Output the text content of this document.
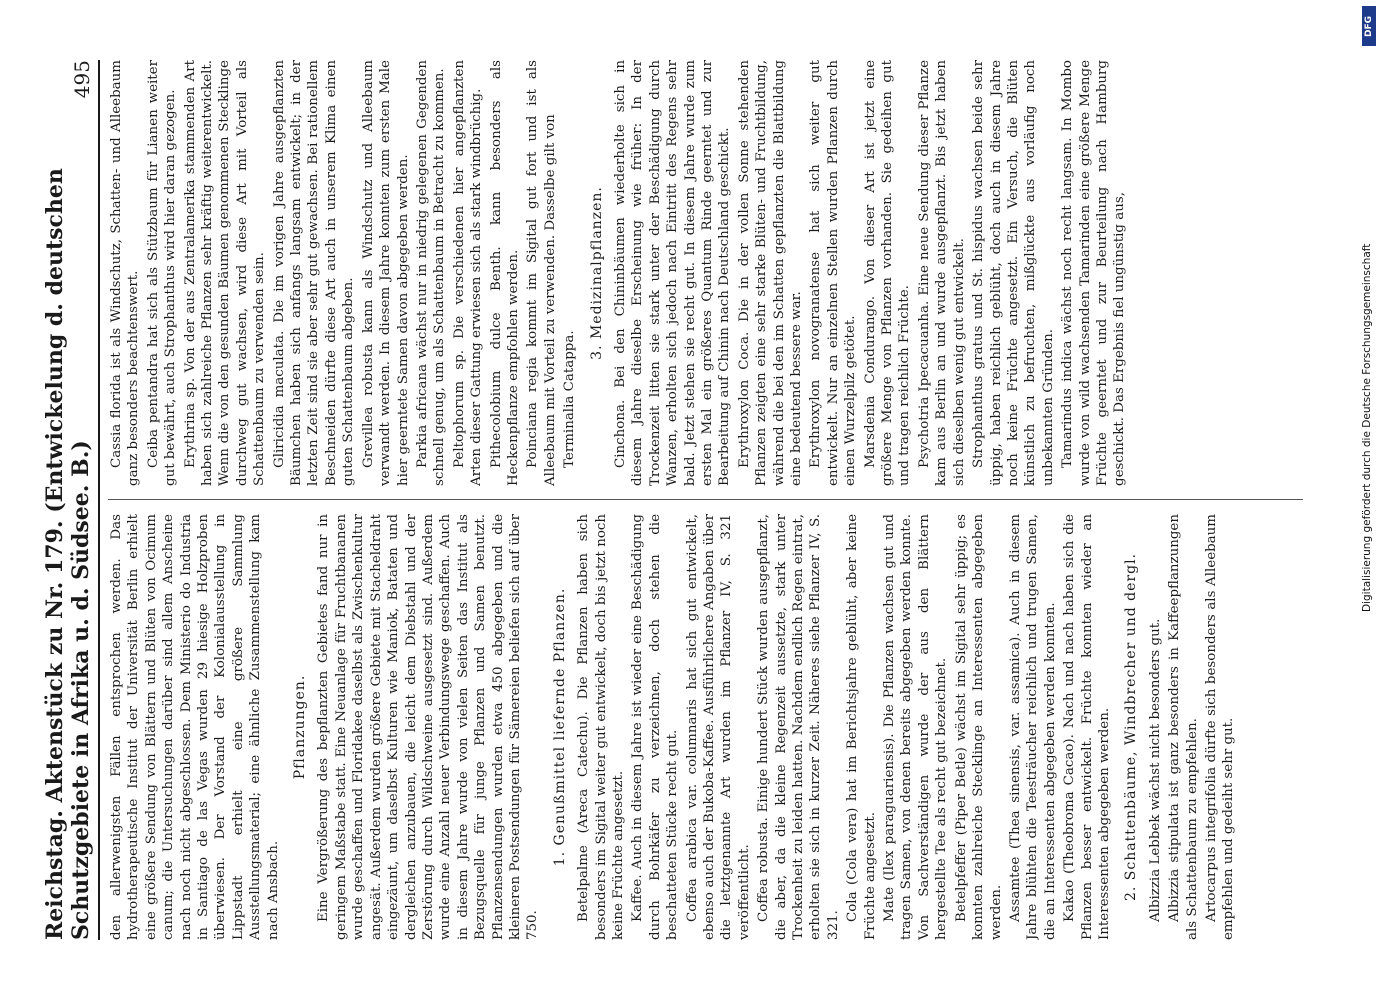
Reichstag. Aktenstück zu Nr. 179. (Entwickelung d. deutschen Schutzgebiete in Afrika u. d. Südsee. B.)
495

den allerwenigsten Fällen entsprochen werden. Das hydrotherapeutische Institut der Universität Berlin erhielt eine größere Sendung von Blättern und Blüten von Ocimum canum; die Untersuchungen darüber sind allem Anscheine nach noch nicht abgeschlossen. Dem Ministerio do Industria in Santiago de las Vegas wurden 29 hiesige Holzproben überwiesen. Der Vorstand der Kolonialausstellung in Lippstadt erhielt eine größere Sammlung Ausstellungsmaterial; eine ähnliche Zusammenstellung kam nach Ansbach.

Pflanzungen. Eine Vergrößerung des bepflanzten Gebietes fand nur in geringem Maßstabe statt. Eine Neuanlage für Fruchtbananen wurde geschaffen und Floridakee daselbst als Zwischenkultur angesät. Außerdem wurden größere Gebiete mit Stacheldraht eingezäunt, um daselbst Kulturen wie Maniok, Bataten und dergleichen anzubauen, die leicht dem Diebstahl und der Zerstörung durch Wildschweine ausgesetzt sind. Außerdem wurde eine Anzahl neuer Verbindungswege geschaffen. Auch in diesem Jahre wurde von vielen Seiten das Institut als Bezugsquelle für junge Pflanzen und Samen benutzt. Pflanzensendungen wurden etwa 450 abgegeben und die kleineren Postsendungen für Sämereien beliefen sich auf über 750.

1. Genußmittel liefernde Pflanzen. Betelpalme (Areca Catechu). Die Pflanzen haben sich besonders im Sigital weiter gut entwickelt, doch bis jetzt noch keine Früchte angesetzt. Kaffee. Auch in diesem Jahre ist wieder eine Beschädigung durch Bohrkäfer zu verzeichnen, doch stehen die beschatteten Stücke recht gut. Coffea arabica var. columnaris hat sich gut entwickelt, ebenso auch der Bukoba-Kaffee. Ausführlichere Angaben über die letztgenannte Art wurden im Pflanzer IV, S. 321 veröffentlicht. Coffea robusta. Einige hundert Stück wurden ausgepflanzt, die aber, da die kleine Regenzeit aussetzte, stark unter Trockenheit zu leiden hatten. Nachdem endlich Regen eintrat, erholten sie sich in kurzer Zeit. Näheres siehe Pflanzer IV, S. 321.

Cola (Cola vera) hat im Berichtsjahre geblüht, aber keine Früchte angesetzt. Mate (Ilex paraguariensis). Die Pflanzen wachsen gut und tragen Samen, von denen bereits abgegeben werden konnte. Von Sachverständigen wurde der aus den Blättern hergestellte Tee als recht gut bezeichnet. Betelpfeffer (Piper Betle) wächst im Sigital sehr üppig; es konnten zahlreiche Stecklinge an Interessenten abgegeben werden. Assamtee (Thea sinensis, var. assamica). Auch in diesem Jahre blühten die Teesträucher reichlich und trugen Samen, die an Interessenten abgegeben werden konnten. Kakao (Theobroma Cacao). Nach und nach haben sich die Pflanzen besser entwickelt. Früchte konnten wieder an Interessenten abgegeben werden. 2. Schattenbäume, Windbrecher und dergl. Albizzia Lebbek wächst nicht besonders gut. Albizzia stipulata ist ganz besonders in Kaffeepflanzungen als Schattenbaum zu empfehlen. Artocarpus integrifolia dürfte sich besonders als Alleebaum empfehlen und gedeiht sehr gut.

Cassia florida ist als Windschutz, Schatten- und Alleebaum ganz besonders beachtenswert. Ceiba pentandra hat sich als Stützbaum für Lianen weiter gut bewährt, auch Strophanthus wird hier daran gezogen. Erythrina sp. Von der aus Zentralamerika stammenden Art haben sich zahlreiche Pflanzen sehr kräftig weiterentwickelt. Wenn die von den gesunden Bäumen genommenen Stecklinge durchweg gut wachsen, wird diese Art mit Vorteil als Schattenbaum zu verwenden sein. Gliricidia maculata. Die im vorigen Jahre ausgepflanzten Bäumchen haben sich anfangs langsam entwickelt; in der letzten Zeit sind sie aber sehr gut gewachsen. Bei rationellem Beschneiden dürfte diese Art auch in unserem Klima einen guten Schattenbaum abgeben. Grevillea robusta kann als Windschutz und Alleebaum verwandt werden. In diesem Jahre konnten zum ersten Male hier geerntete Samen davon abgegeben werden. Parkia africana wächst nur in niedrig gelegenen Gegenden schnell genug, um als Schattenbaum in Betracht zu kommen. Peltophorum sp. Die verschiedenen hier angepflanzten Arten dieser Gattung erwiesen sich als stark windbrüchig. Pithecolobium dulce Benth. kann besonders als Heckenpflanze empfohlen werden. Poinciana regia kommt im Sigital gut fort und ist als Alleebaum mit Vorteil zu verwenden. Dasselbe gilt von Terminalia Catappa.

3. Medizinalpflanzen. Cinchona. Bei den Chininbäumen wiederholte sich in diesem Jahre dieselbe Erscheinung wie früher: In der Trockenzeit litten sie stark unter der Beschädigung durch Wanzen, erholten sich jedoch nach Eintritt des Regens sehr bald. Jetzt stehen sie recht gut. In diesem Jahre wurde zum ersten Mal ein größeres Quantum Rinde geerntet und zur Bearbeitung auf Chinin nach Deutschland geschickt. Erythroxylon Coca. Die in der vollen Sonne stehenden Pflanzen zeigten eine sehr starke Blüten- und Fruchtbildung, während die bei den im Schatten gepflanzten die Blattbildung eine bedeutend bessere war. Erythroxylon novogranatense hat sich weiter gut entwickelt. Nur an einzelnen Stellen wurden Pflanzen durch einen Wurzelpilz getötet. Marsdenia Condurango. Von dieser Art ist jetzt eine größere Menge von Pflanzen vorhanden. Sie gedeihen gut und tragen reichlich Früchte. Psychotria Ipecacuanha. Eine neue Sendung dieser Pflanze kam aus Berlin an und wurde ausgepflanzt. Bis jetzt haben sich dieselben wenig gut entwickelt. Strophanthus gratus und St. hispidus wachsen beide sehr üppig, haben reichlich geblüht, doch auch in diesem Jahre noch keine Früchte angesetzt. Ein Versuch, die Blüten künstlich zu befruchten, mißglückte aus vorläufig noch unbekannten Gründen. Tamarindus indica wächst noch recht langsam. In Mombo wurde von wild wachsenden Tamarinden eine größere Menge Früchte geerntet und zur Beurteilung nach Hamburg geschickt. Das Ergebnis fiel ungünstig aus,

DFG
Digitalisierung gefördert durch die Deutsche Forschungsgemeinschaft
